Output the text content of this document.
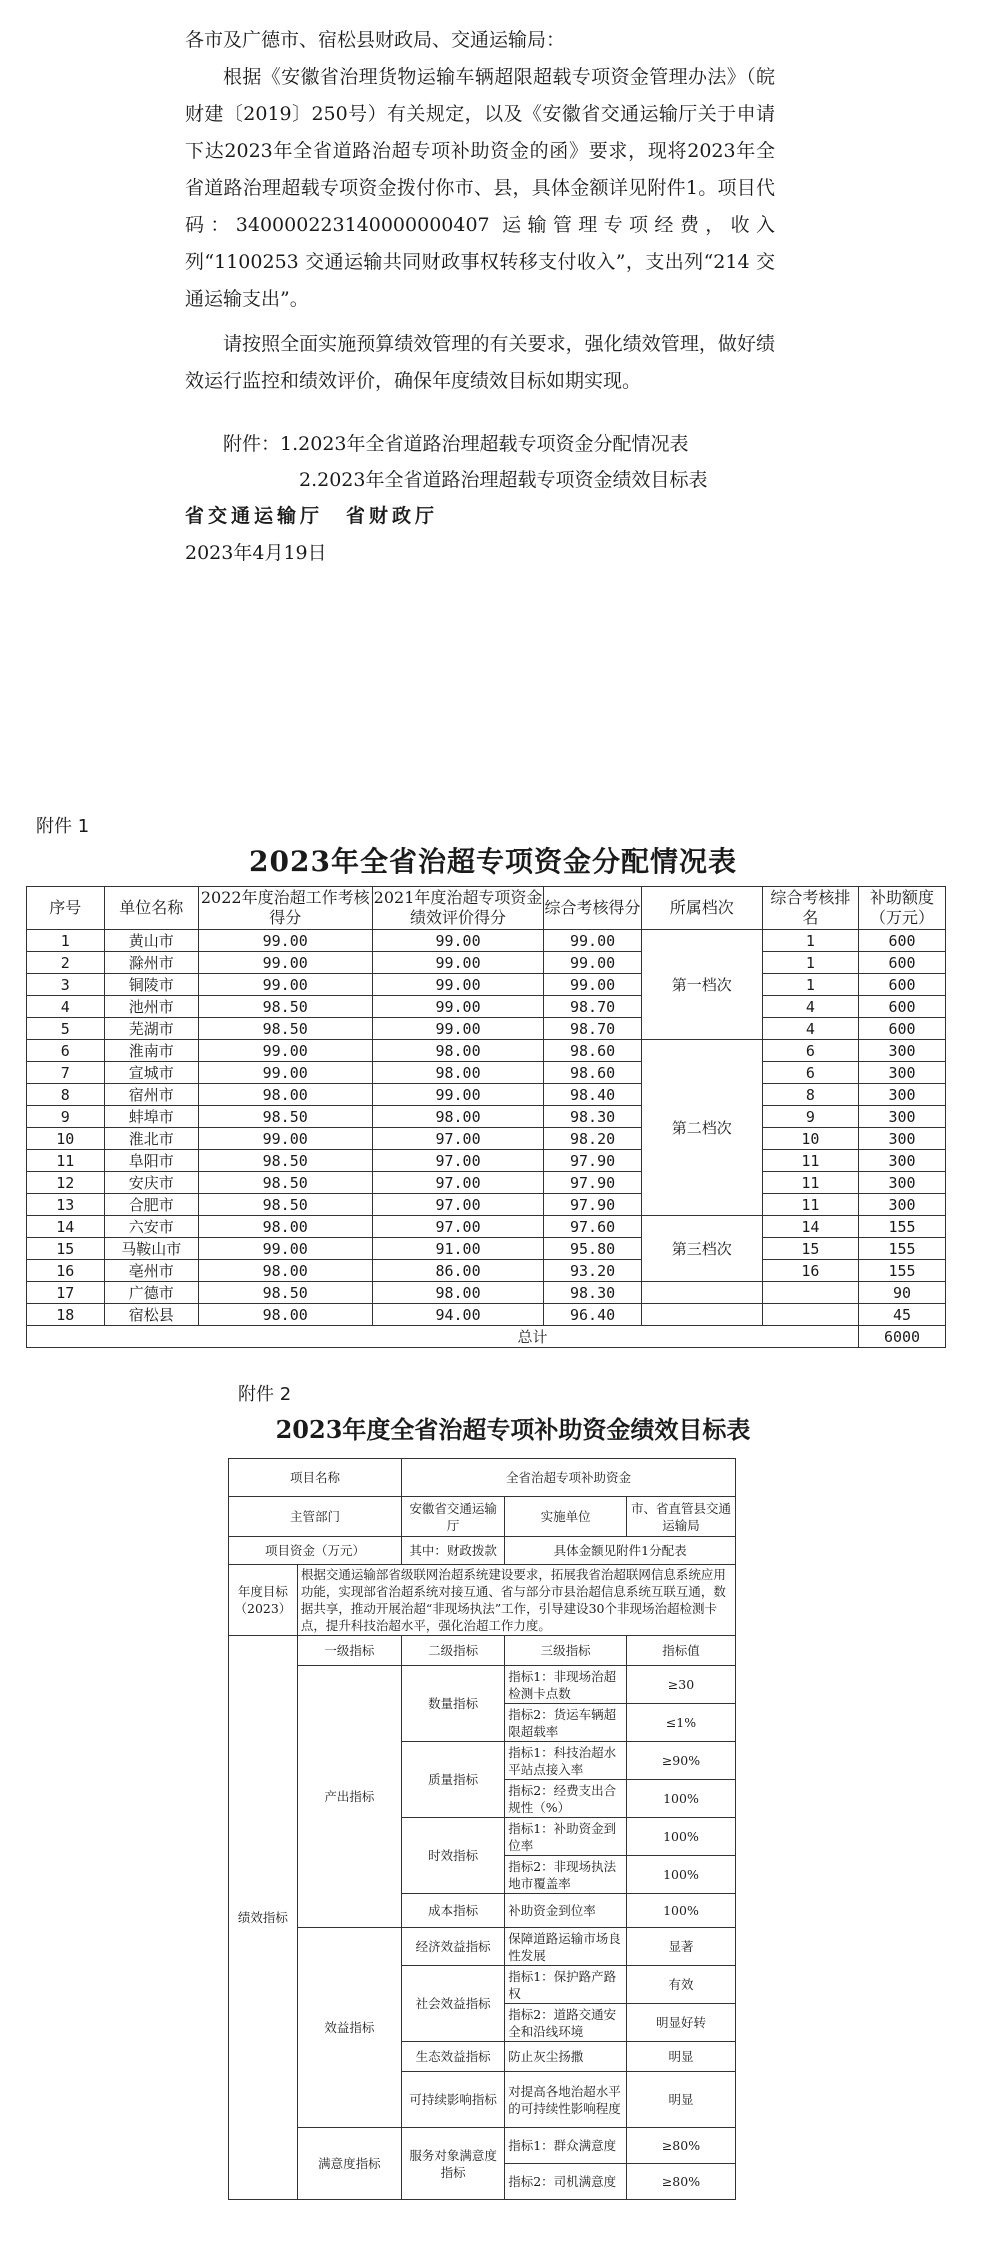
各市及广德市、宿松县财政局、交通运输局：

根据《安徽省治理货物运输车辆超限超载专项资金管理办法》（皖财建〔2019〕250号）有关规定，以及《安徽省交通运输厅关于申请下达2023年全省道路治超专项补助资金的函》要求，现将2023年全省道路治理超载专项资金拨付你市、县，具体金额详见附件1。项目代码：340000223140000000407 运输管理专项经费，收入列“1100253 交通运输共同财政事权转移支付收入”，支出列“214 交通运输支出”。

请按照全面实施预算绩效管理的有关要求，强化绩效管理，做好绩效运行监控和绩效评价，确保年度绩效目标如期实现。

附件：1.2023年全省道路治理超载专项资金分配情况表
2.2023年全省道路治理超载专项资金绩效目标表

省交通运输厅　省财政厅

2023年4月19日

附件 1
2023年全省治超专项资金分配情况表
序号	单位名称	2022年度治超工作考核得分	2021年度治超专项资金绩效评价得分	综合考核得分	所属档次	综合考核排名	补助额度（万元）
1	黄山市	99.00	99.00	99.00	第一档次	1	600
2	滁州市	99.00	99.00	99.00		1	600
3	铜陵市	99.00	99.00	99.00		1	600
4	池州市	98.50	99.00	98.70		4	600
5	芜湖市	98.50	99.00	98.70		4	600
6	淮南市	99.00	98.00	98.60	第二档次	6	300
7	宣城市	99.00	98.00	98.60		6	300
8	宿州市	98.00	99.00	98.40		8	300
9	蚌埠市	98.50	98.00	98.30		9	300
10	淮北市	99.00	97.00	98.20		10	300
11	阜阳市	98.50	97.00	97.90		11	300
12	安庆市	98.50	97.00	97.90		11	300
13	合肥市	98.50	97.00	97.90		11	300
14	六安市	98.00	97.00	97.60	第三档次	14	155
15	马鞍山市	99.00	91.00	95.80		15	155
16	亳州市	98.00	86.00	93.20		16	155
17	广德市	98.50	98.00	98.30			90
18	宿松县	98.00	94.00	96.40			45
总计							6000
附件 2
2023年度全省治超专项补助资金绩效目标表
项目名称		全省治超专项补助资金		
主管部门		安徽省交通运输厅	实施单位	市、省直管县交通运输局
项目资金（万元）		其中：财政拨款	具体金额见附件1分配表	
年度目标（2023）	根据交通运输部省级联网治超系统建设要求，拓展我省治超联网信息系统应用功能，实现部省治超系统对接互通、省与部分市县治超信息系统互联互通，数据共享，推动开展治超“非现场执法”工作，引导建设30个非现场治超检测卡点，提升科技治超水平，强化治超工作力度。			
绩效指标	一级指标	二级指标	三级指标	指标值
	产出指标	数量指标	指标1：非现场治超检测卡点数	≥30
			指标2：货运车辆超限超载率	≤1%
		质量指标	指标1：科技治超水平站点接入率	≥90%
			指标2：经费支出合规性（%）	100%
		时效指标	指标1：补助资金到位率	100%
			指标2：非现场执法地市覆盖率	100%
		成本指标	补助资金到位率	100%
	效益指标	经济效益指标	保障道路运输市场良性发展	显著
		社会效益指标	指标1：保护路产路权	有效
			指标2：道路交通安全和沿线环境	明显好转
		生态效益指标	防止灰尘扬撒	明显
		可持续影响指标	对提高各地治超水平的可持续性影响程度	明显
	满意度指标	服务对象满意度指标	指标1：群众满意度	≥80%
			指标2：司机满意度	≥80%
